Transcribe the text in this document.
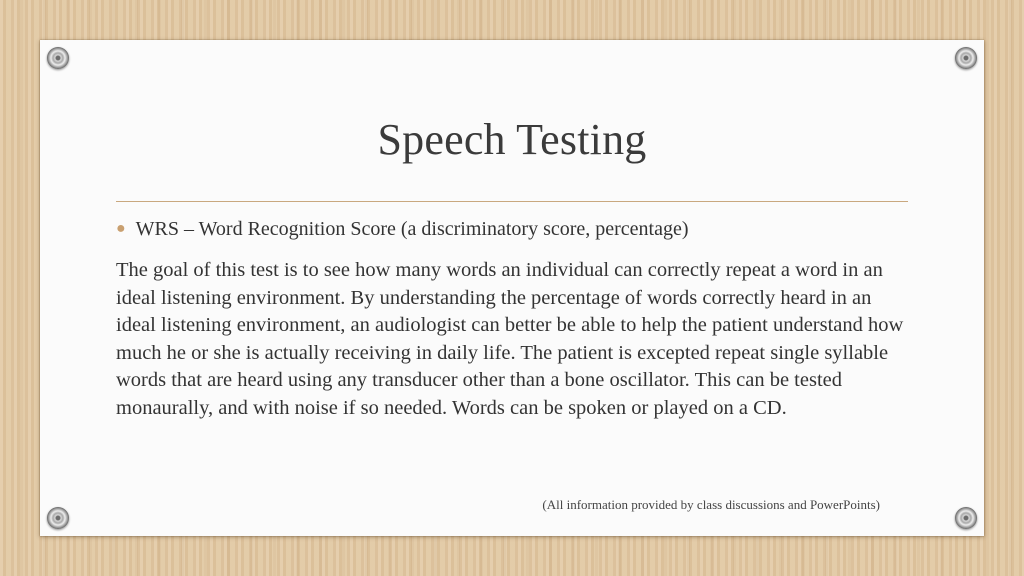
Speech Testing
● WRS – Word Recognition Score (a discriminatory score, percentage)

The goal of this test is to see how many words an individual can correctly repeat a word in an ideal listening environment. By understanding the percentage of words correctly heard in an ideal listening environment, an audiologist can better be able to help the patient understand how much he or she is actually receiving in daily life. The patient is excepted repeat single syllable words that are heard using any transducer other than a bone oscillator. This can be tested monaurally, and with noise if so needed. Words can be spoken or played on a CD.

(All information provided by class discussions and PowerPoints)
